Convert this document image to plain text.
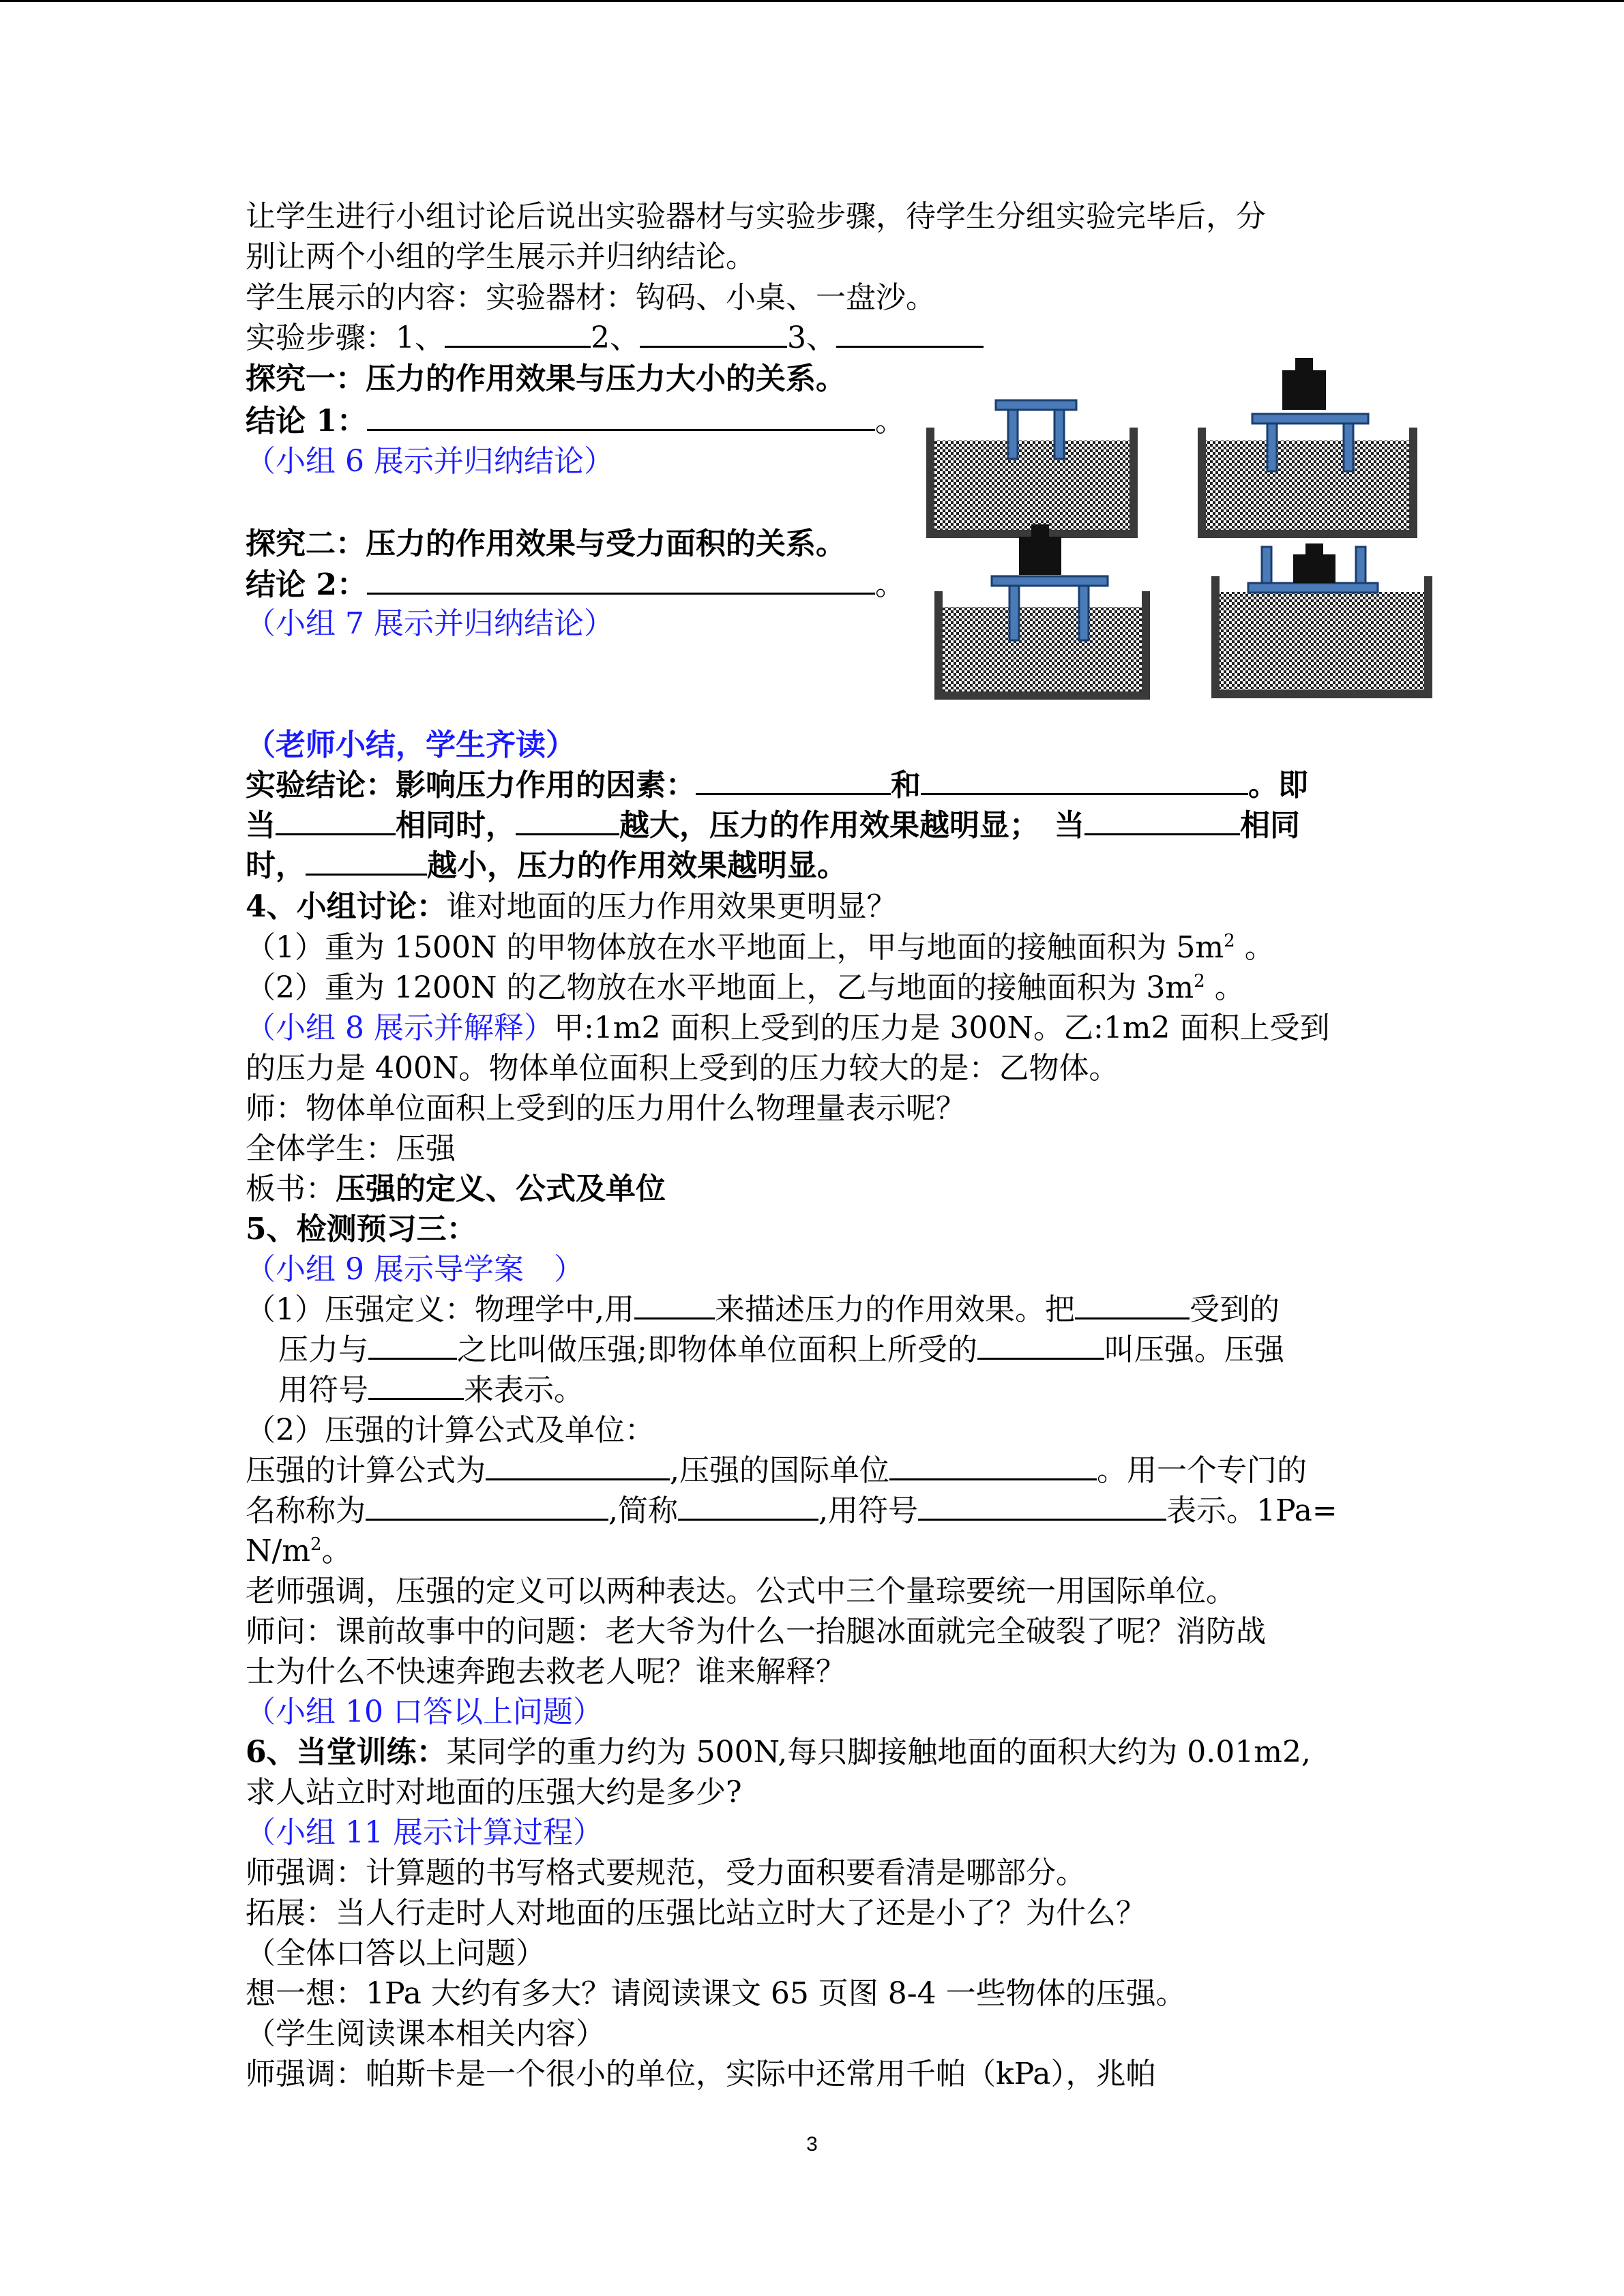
让学生进行小组讨论后说出实验器材与实验步骤，待学生分组实验完毕后，分
别让两个小组的学生展示并归纳结论。
学生展示的内容：实验器材：钩码、小桌、一盘沙。
实验步骤：1、	2、	3、
探究一：压力的作用效果与压力大小的关系。
结论 1：	。
（小组 6 展示并归纳结论）
探究二：压力的作用效果与受力面积的关系。
结论 2：	。
（小组 7 展示并归纳结论）
（老师小结，学生齐读）
实验结论：影响压力作用的因素：	和	。即
当	相同时，	越大，压力的作用效果越明显；　当	相同
时，	越小，压力的作用效果越明显。
4、小组讨论：谁对地面的压力作用效果更明显？
（1）重为 1500N 的甲物体放在水平地面上，甲与地面的接触面积为 $5m^2$ 。
（2）重为 1200N 的乙物放在水平地面上，乙与地面的接触面积为 $3m^2$ 。
（小组 8 展示并解释）甲:1m2 面积上受到的压力是 300N。乙:1m2 面积上受到
的压力是 400N。物体单位面积上受到的压力较大的是：乙物体。
师：物体单位面积上受到的压力用什么物理量表示呢？
全体学生：压强
板书：压强的定义、公式及单位
5、检测预习三：
（小组 9 展示导学案　）
（1）压强定义：物理学中,用	来描述压力的作用效果。把	受到的
压力与	之比叫做压强;即物体单位面积上所受的	叫压强。压强
用符号	来表示。
（2）压强的计算公式及单位：
压强的计算公式为	,压强的国际单位	。用一个专门的
名称称为	,简称	,用符号	表示。1Pa=
$N/m^2$。
老师强调，压强的定义可以两种表达。公式中三个量琮要统一用国际单位。
师问：课前故事中的问题：老大爷为什么一抬腿冰面就完全破裂了呢？消防战
士为什么不快速奔跑去救老人呢？谁来解释？
（小组 10 口答以上问题）
6、当堂训练：某同学的重力约为 500N,每只脚接触地面的面积大约为 0.01m2,
求人站立时对地面的压强大约是多少?
（小组 11 展示计算过程）
师强调：计算题的书写格式要规范，受力面积要看清是哪部分。
拓展：当人行走时人对地面的压强比站立时大了还是小了？为什么？
（全体口答以上问题）
想一想：1Pa 大约有多大？请阅读课文 65 页图 8-4 一些物体的压强。
（学生阅读课本相关内容）
师强调：帕斯卡是一个很小的单位，实际中还常用千帕（kPa），兆帕
3
